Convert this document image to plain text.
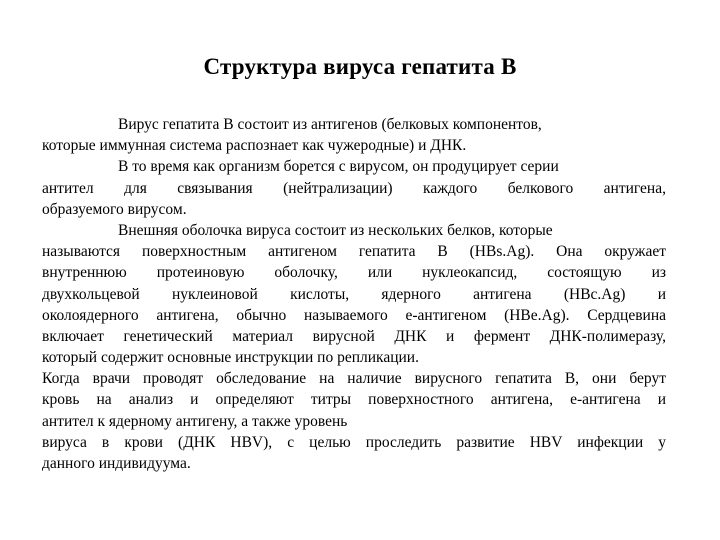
Структура вируса гепатита В
Вирус гепатита В состоит из антигенов (белковых компонентов,
которые иммунная система распознает как чужеродные) и ДНК.
В то время как организм борется с вирусом, он продуцирует серии
антител для связывания (нейтрализации) каждого белкового антигена,
образуемого вирусом.
Внешняя оболочка вируса состоит из нескольких белков, которые
называются поверхностным антигеном гепатита В (HBs.Ag). Она окружает
внутреннюю протеиновую оболочку, или нуклеокапсид, состоящую из
двухкольцевой нуклеиновой кислоты, ядерного антигена (HBc.Ag) и
околоядерного антигена, обычно называемого е-антигеном (HBe.Ag). Сердцевина
включает генетический материал вирусной ДНК и фермент ДНК-полимеразу,
который содержит основные инструкции по репликации.
Когда врачи проводят обследование на наличие вирусного гепатита В, они берут
кровь на анализ и определяют титры поверхностного антигена, е-антигена и
антител к ядерному антигену, а также уровень
вируса в крови (ДНК HBV), с целью проследить развитие HBV инфекции у
данного индивидуума.
